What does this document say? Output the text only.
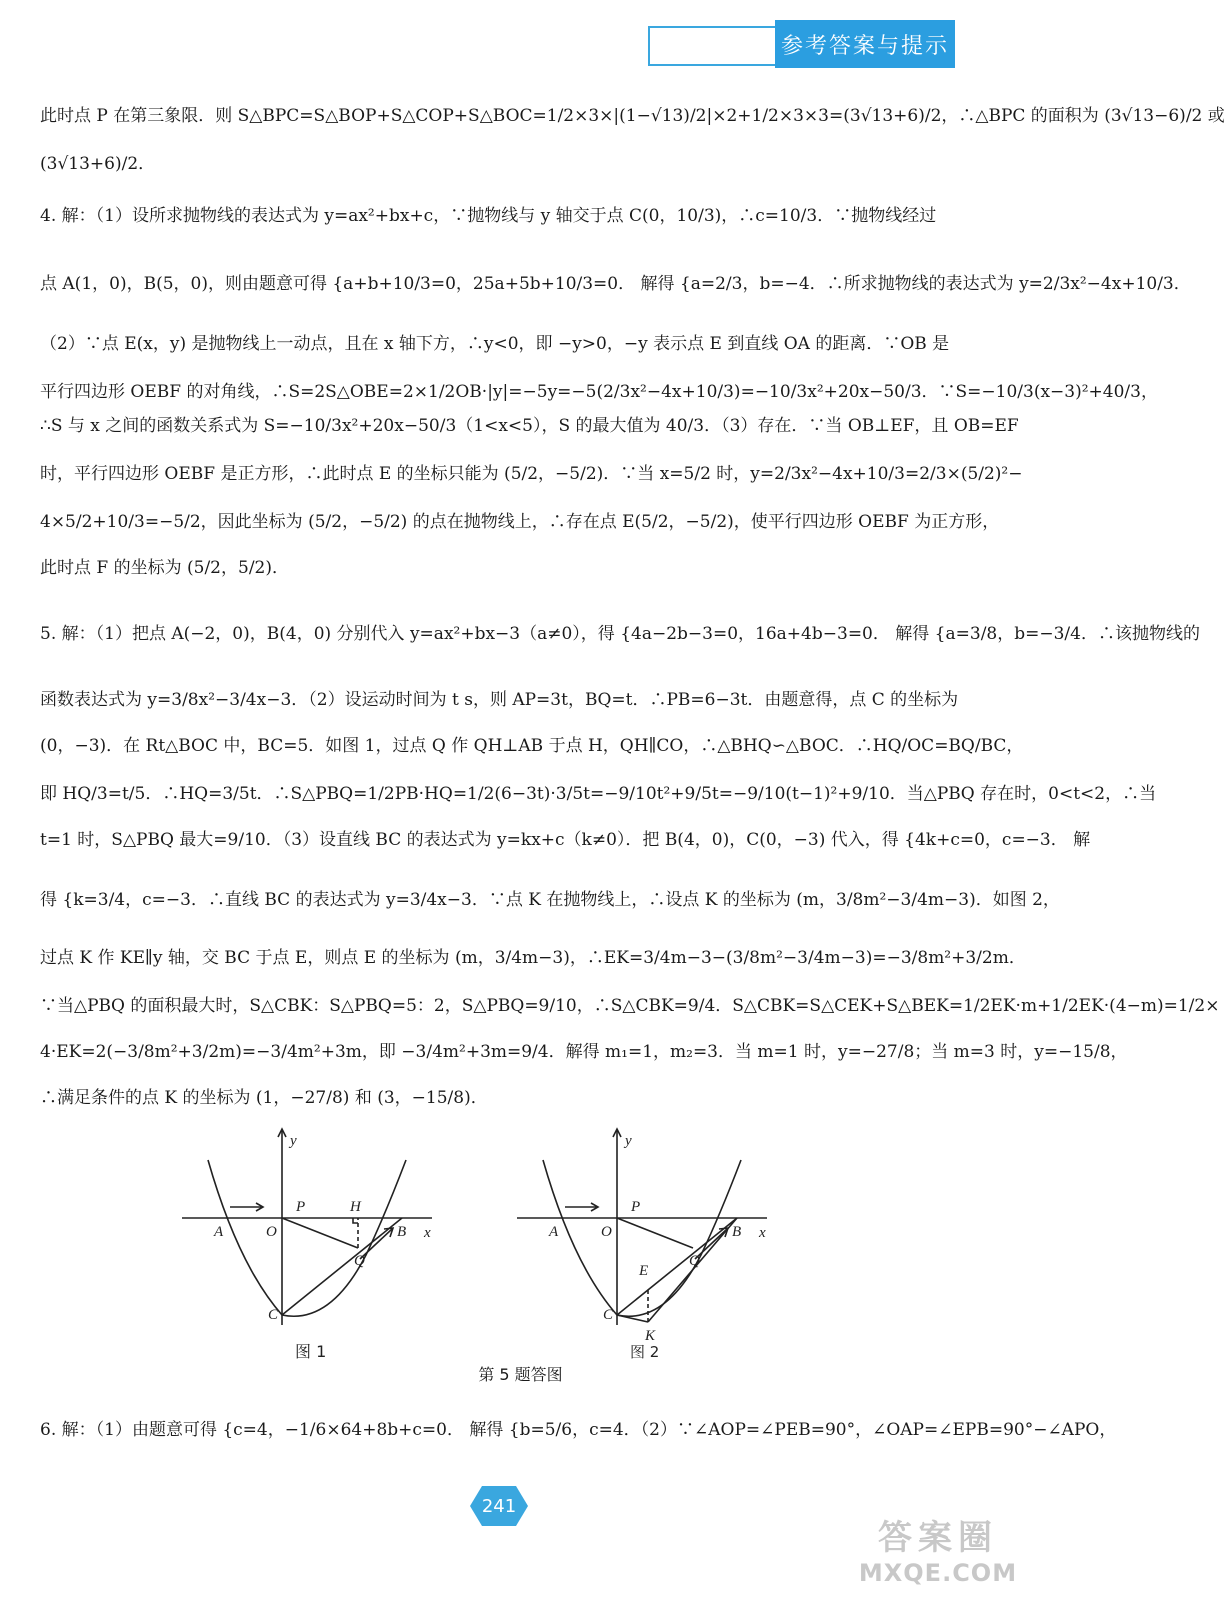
参考答案与提示

此时点 P 在第三象限．则 S△BPC=S△BOP+S△COP+S△BOC=1/2×3×|(1−√13)/2|×2+1/2×3×3=(3√13+6)/2，∴△BPC 的面积为 (3√13−6)/2 或

(3√13+6)/2．

4. 解：（1）设所求抛物线的表达式为 y=ax²+bx+c，∵抛物线与 y 轴交于点 C(0，10/3)，∴c=10/3．∵抛物线经过

点 A(1，0)，B(5，0)，则由题意可得 {a+b+10/3=0，25a+5b+10/3=0． 解得 {a=2/3，b=−4．∴所求抛物线的表达式为 y=2/3x²−4x+10/3．

（2）∵点 E(x，y) 是抛物线上一动点，且在 x 轴下方，∴y<0，即 −y>0，−y 表示点 E 到直线 OA 的距离．∵OB 是

平行四边形 OEBF 的对角线，∴S=2S△OBE=2×1/2OB·|y|=−5y=−5(2/3x²−4x+10/3)=−10/3x²+20x−50/3．∵S=−10/3(x−3)²+40/3，

∴S 与 x 之间的函数关系式为 S=−10/3x²+20x−50/3（1<x<5），S 的最大值为 40/3．（3）存在．∵当 OB⊥EF，且 OB=EF

时，平行四边形 OEBF 是正方形，∴此时点 E 的坐标只能为 (5/2，−5/2)．∵当 x=5/2 时，y=2/3x²−4x+10/3=2/3×(5/2)²−

4×5/2+10/3=−5/2，因此坐标为 (5/2，−5/2) 的点在抛物线上，∴存在点 E(5/2，−5/2)，使平行四边形 OEBF 为正方形，

此时点 F 的坐标为 (5/2，5/2)．

5. 解：（1）把点 A(−2，0)，B(4，0) 分别代入 y=ax²+bx−3（a≠0），得 {4a−2b−3=0，16a+4b−3=0． 解得 {a=3/8，b=−3/4．∴该抛物线的

函数表达式为 y=3/8x²−3/4x−3．（2）设运动时间为 t s，则 AP=3t，BQ=t．∴PB=6−3t．由题意得，点 C 的坐标为

(0，−3)．在 Rt△BOC 中，BC=5．如图 1，过点 Q 作 QH⊥AB 于点 H，QH∥CO，∴△BHQ∽△BOC．∴HQ/OC=BQ/BC，

即 HQ/3=t/5．∴HQ=3/5t．∴S△PBQ=1/2PB·HQ=1/2(6−3t)·3/5t=−9/10t²+9/5t=−9/10(t−1)²+9/10．当△PBQ 存在时，0<t<2，∴当

t=1 时，S△PBQ 最大=9/10．（3）设直线 BC 的表达式为 y=kx+c（k≠0）．把 B(4，0)，C(0，−3) 代入，得 {4k+c=0，c=−3． 解

得 {k=3/4，c=−3．∴直线 BC 的表达式为 y=3/4x−3．∵点 K 在抛物线上，∴设点 K 的坐标为 (m，3/8m²−3/4m−3)．如图 2，

过点 K 作 KE∥y 轴，交 BC 于点 E，则点 E 的坐标为 (m，3/4m−3)，∴EK=3/4m−3−(3/8m²−3/4m−3)=−3/8m²+3/2m．

∵当△PBQ 的面积最大时，S△CBK：S△PBQ=5：2，S△PBQ=9/10，∴S△CBK=9/4．S△CBK=S△CEK+S△BEK=1/2EK·m+1/2EK·(4−m)=1/2×

4·EK=2(−3/8m²+3/2m)=−3/4m²+3m，即 −3/4m²+3m=9/4．解得 m₁=1，m₂=3．当 m=1 时，y=−27/8；当 m=3 时，y=−15/8，

∴满足条件的点 K 的坐标为 (1，−27/8) 和 (3，−15/8)．

6. 解：（1）由题意可得 {c=4，−1/6×64+8b+c=0． 解得 {b=5/6，c=4．（2）∵∠AOP=∠PEB=90°，∠OAP=∠EPB=90°−∠APO，

y
x
A	O	B
C
P	H
Q
图 1
y
x
A	O	B
C
P
Q
E
K
图 2
第 5 题答图
241
答案圈
MXQE.COM
